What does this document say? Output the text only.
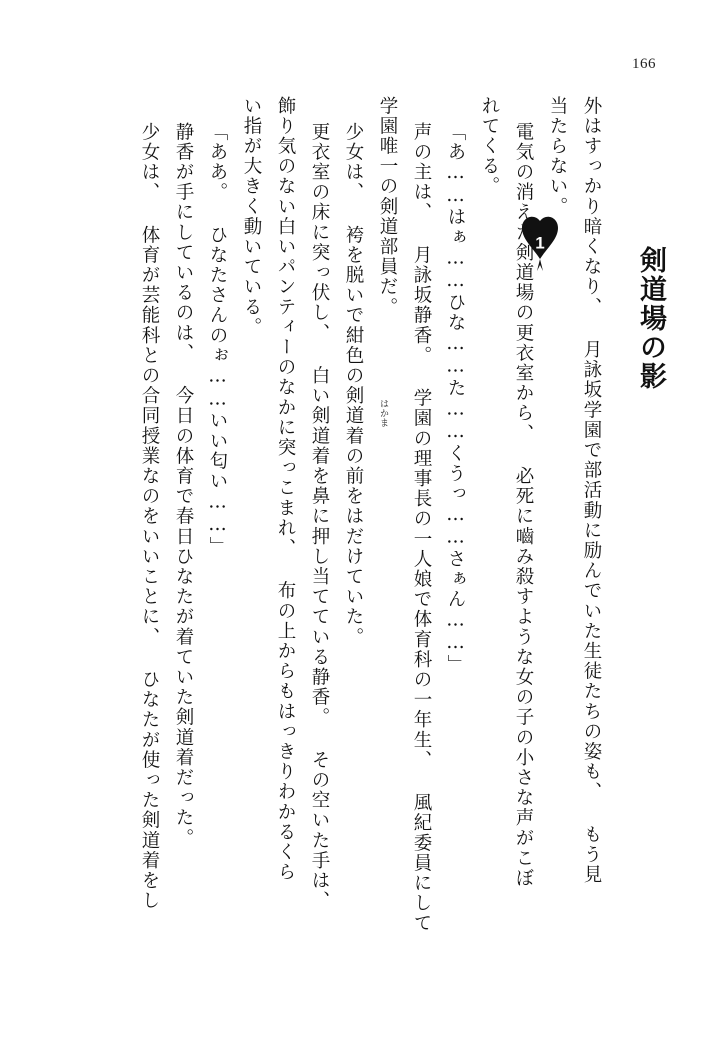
166
1
はかま
剣道場の影
外はすっかり暗くなり、 月詠坂学園で部活動に励んでいた生徒たちの姿も、 もう見
当たらない。
電気の消えた剣道場の更衣室から、 必死に嚙み殺すような女の子の小さな声がこぼ
れてくる。
「あ……はぁ……ひな……た……くうっ……さぁん……」
声の主は、 月詠坂静香。 学園の理事長の一人娘で体育科の一年生、 風紀委員にして
学園唯一の剣道部員だ。
少女は、 袴を脱いで紺色の剣道着の前をはだけていた。
更衣室の床に突っ伏し、 白い剣道着を鼻に押し当てている静香。 その空いた手は、
飾り気のない白いパンティーのなかに突っこまれ、 布の上からもはっきりわかるくら
い指が大きく動いている。
「ああ。 ひなたさんのぉ……いい匂い……」
静香が手にしているのは、 今日の体育で春日ひなたが着ていた剣道着だった。
少女は、 体育が芸能科との合同授業なのをいいことに、 ひなたが使った剣道着をし
